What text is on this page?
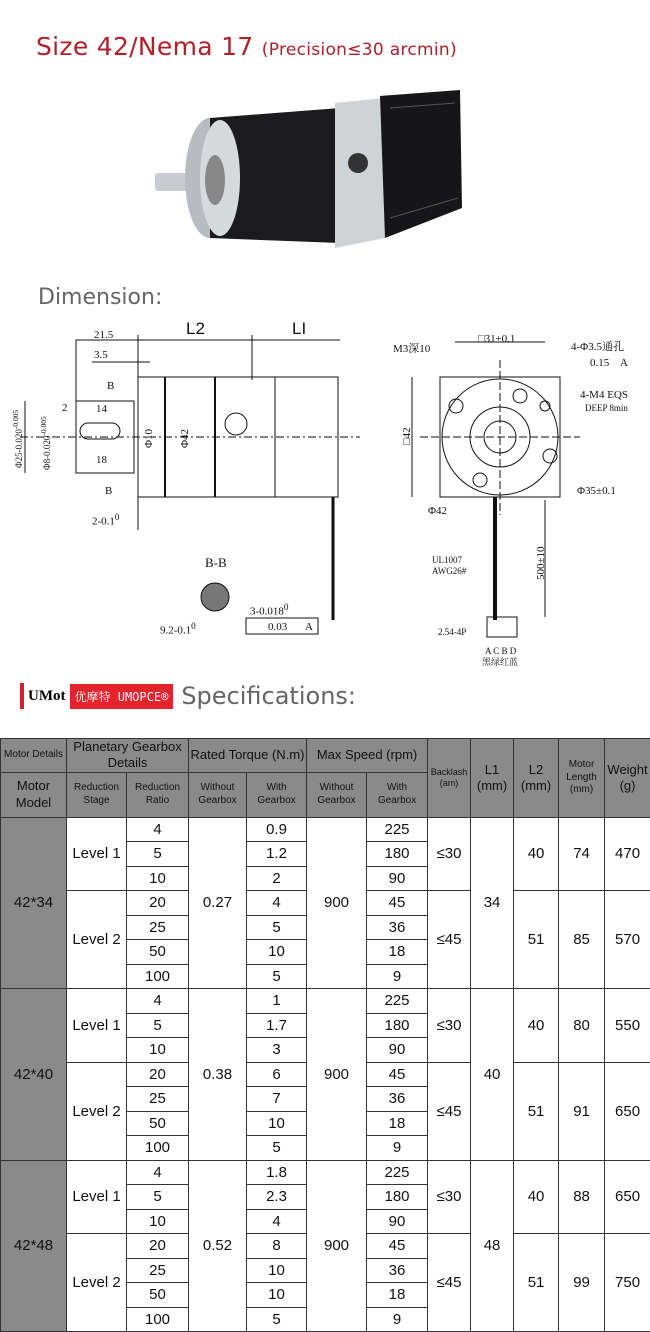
Size 42/Nema 17 (Precision≤30 arcmin)
Dimension:
21.5	L2	LI
3.5
B
B
2	14
18
$\Phi 25-0.020^{-0.005}$
$\Phi 8-0.020^{-0.005}$
Φ10 Φ42
$2-0.1^0$
B-B
3-0.018$^0$
$9.2-0.1^0$	0.03 A
□31±0.1
M3深10	4-Φ3.5通孔
0.15 A
4-M4 EQS
DEEP 8min
□42
Φ35±0.1
Φ42
UL1007
AWG26#	500±10
2.54-4P
A C B D
黑绿红蓝
UMot 优摩特 UMOPCE® Specifications:
Motor Details	Planetary Gearbox Details		Rated Torque (N.m)		Max Speed (rpm)		Backlash (am)	L1 (mm)	L2 (mm)	Motor Length (mm)	Weight (g)
Motor Model	Reduction Stage	Reduction Ratio	Without Gearbox	With Gearbox	Without Gearbox	With Gearbox					
42*34	Level 1	4	0.27	0.9	900	225	≤30	34	40	74	470
		5		1.2		180					
		10		2		90					
	Level 2	20		4		45	≤45		51	85	570
		25		5		36					
		50		10		18					
		100		5		9					
42*40	Level 1	4	0.38	1	900	225	≤30	40	40	80	550
		5		1.7		180					
		10		3		90					
	Level 2	20		6		45	≤45		51	91	650
		25		7		36					
		50		10		18					
		100		5		9					
42*48	Level 1	4	0.52	1.8	900	225	≤30	48	40	88	650
		5		2.3		180					
		10		4		90					
	Level 2	20		8		45	≤45		51	99	750
		25		10		36					
		50		10		18					
		100		5		9					
